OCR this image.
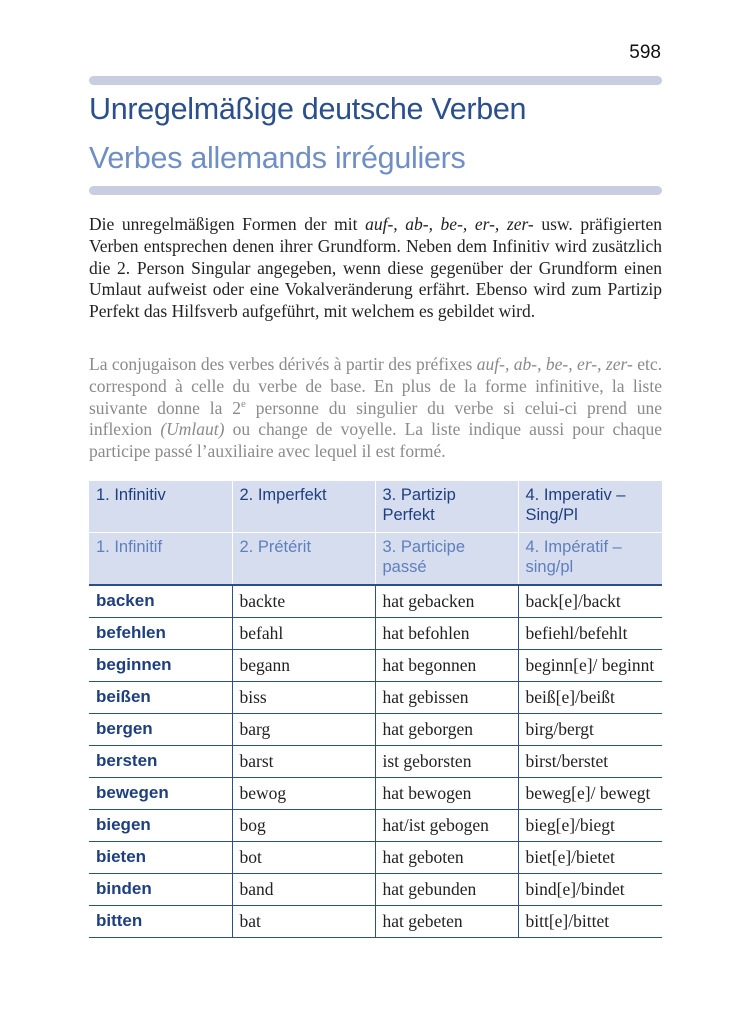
598
Unregelmäßige deutsche Verben
Verbes allemands irréguliers

Die unregelmäßigen Formen der mit auf-, ab-, be-, er-, zer- usw. präfigierten Verben entsprechen denen ihrer Grundform. Neben dem Infinitiv wird zusätzlich die 2. Person Singular angegeben, wenn diese gegenüber der Grundform einen Umlaut aufweist oder eine Vokalveränderung erfährt. Ebenso wird zum Partizip Perfekt das Hilfsverb aufgeführt, mit welchem es gebildet wird.

La conjugaison des verbes dérivés à partir des préfixes auf-, ab-, be-, er-, zer- etc. correspond à celle du verbe de base. En plus de la forme infinitive, la liste suivante donne la 2e personne du singulier du verbe si celui-ci prend une inflexion (Umlaut) ou change de voyelle. La liste indique aussi pour chaque participe passé l’auxiliaire avec lequel il est formé.

1. Infinitiv	2. Imperfekt	3. Partizip Perfekt	4. Imperativ – Sing/Pl
1. Infinitif	2. Prétérit	3. Participe passé	4. Impératif – sing/pl
backen	backte	hat gebacken	back[e]/backt
befehlen	befahl	hat befohlen	befiehl/befehlt
beginnen	begann	hat begonnen	beginn[e]/ beginnt
beißen	biss	hat gebissen	beiß[e]/beißt
bergen	barg	hat geborgen	birg/bergt
bersten	barst	ist geborsten	birst/berstet
bewegen	bewog	hat bewogen	beweg[e]/ bewegt
biegen	bog	hat/ist gebogen	bieg[e]/biegt
bieten	bot	hat geboten	biet[e]/bietet
binden	band	hat gebunden	bind[e]/bindet
bitten	bat	hat gebeten	bitt[e]/bittet
